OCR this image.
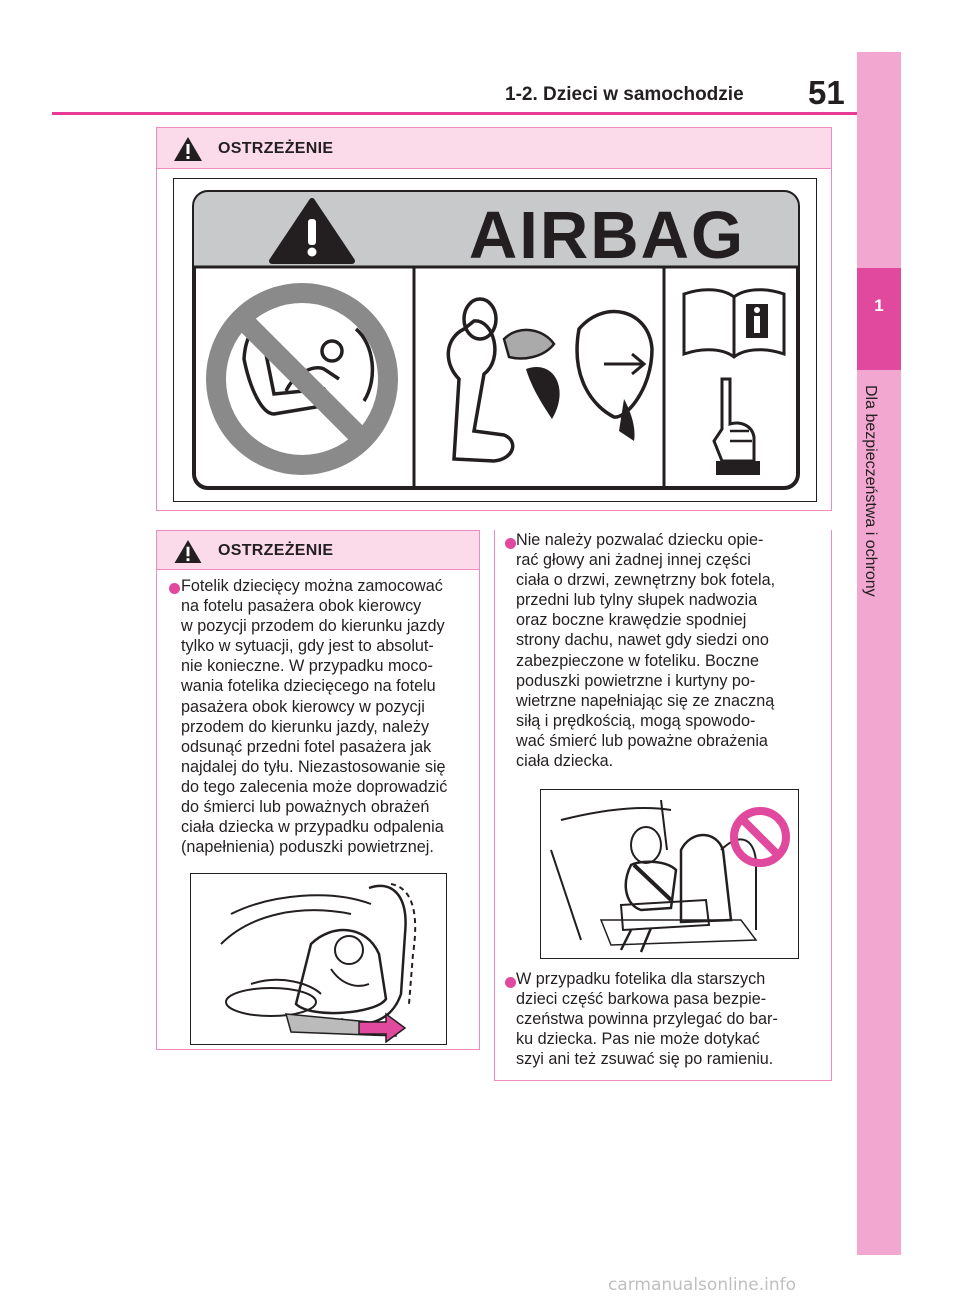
1-2. Dzieci w samochodzie 51
1
Dla bezpieczeństwa i ochrony
OSTRZEŻENIE
AIRBAG
OSTRZEŻENIE
Fotelik dziecięcy można zamocować
na fotelu pasażera obok kierowcy
w pozycji przodem do kierunku jazdy
tylko w sytuacji, gdy jest to absolut-
nie konieczne. W przypadku moco-
wania fotelika dziecięcego na fotelu
pasażera obok kierowcy w pozycji
przodem do kierunku jazdy, należy
odsunąć przedni fotel pasażera jak
najdalej do tyłu. Niezastosowanie się
do tego zalecenia może doprowadzić
do śmierci lub poważnych obrażeń
ciała dziecka w przypadku odpalenia
(napełnienia) poduszki powietrznej.
Nie należy pozwalać dziecku opie-
rać głowy ani żadnej innej części
ciała o drzwi, zewnętrzny bok fotela,
przedni lub tylny słupek nadwozia
oraz boczne krawędzie spodniej
strony dachu, nawet gdy siedzi ono
zabezpieczone w foteliku. Boczne
poduszki powietrzne i kurtyny po-
wietrzne napełniając się ze znaczną
siłą i prędkością, mogą spowodo-
wać śmierć lub poważne obrażenia
ciała dziecka.
W przypadku fotelika dla starszych
dzieci część barkowa pasa bezpie-
czeństwa powinna przylegać do bar-
ku dziecka. Pas nie może dotykać
szyi ani też zsuwać się po ramieniu.
carmanualsonline.info
